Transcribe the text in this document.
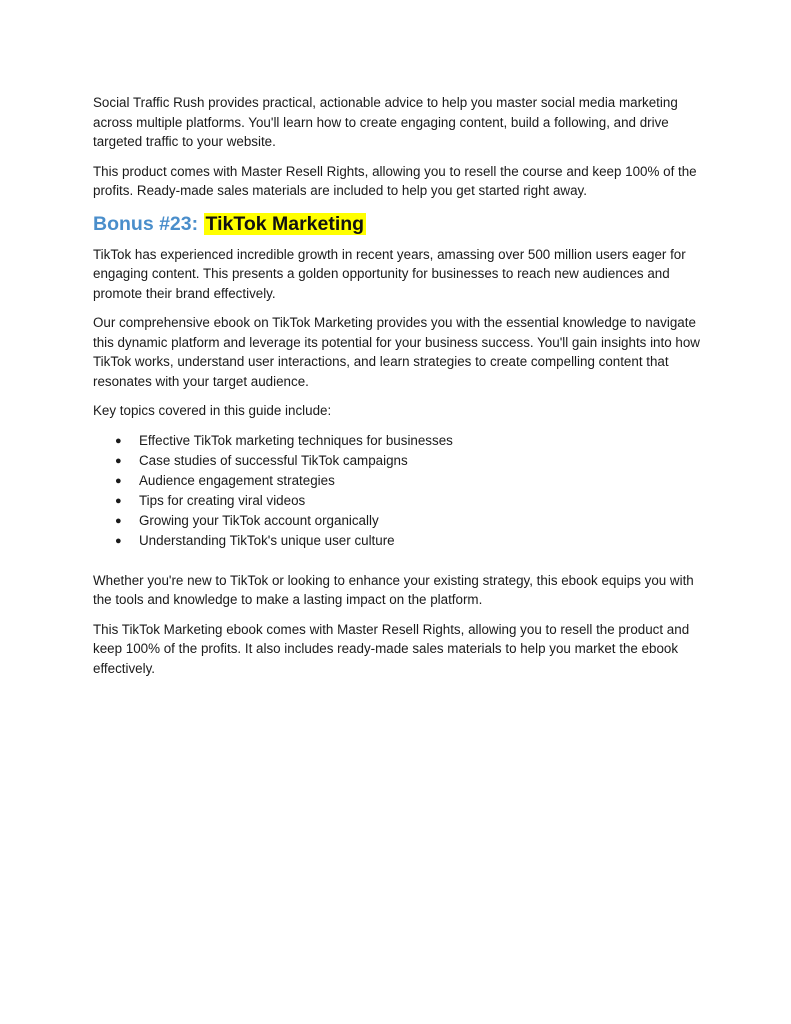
Social Traffic Rush provides practical, actionable advice to help you master social media marketing across multiple platforms. You'll learn how to create engaging content, build a following, and drive targeted traffic to your website.

This product comes with Master Resell Rights, allowing you to resell the course and keep 100% of the profits. Ready-made sales materials are included to help you get started right away.

Bonus #23: TikTok Marketing

TikTok has experienced incredible growth in recent years, amassing over 500 million users eager for engaging content. This presents a golden opportunity for businesses to reach new audiences and promote their brand effectively.

Our comprehensive ebook on TikTok Marketing provides you with the essential knowledge to navigate this dynamic platform and leverage its potential for your business success. You'll gain insights into how TikTok works, understand user interactions, and learn strategies to create compelling content that resonates with your target audience.

Key topics covered in this guide include:

● Effective TikTok marketing techniques for businesses
● Case studies of successful TikTok campaigns
● Audience engagement strategies
● Tips for creating viral videos
● Growing your TikTok account organically
● Understanding TikTok's unique user culture

Whether you're new to TikTok or looking to enhance your existing strategy, this ebook equips you with the tools and knowledge to make a lasting impact on the platform.

This TikTok Marketing ebook comes with Master Resell Rights, allowing you to resell the product and keep 100% of the profits. It also includes ready-made sales materials to help you market the ebook effectively.
